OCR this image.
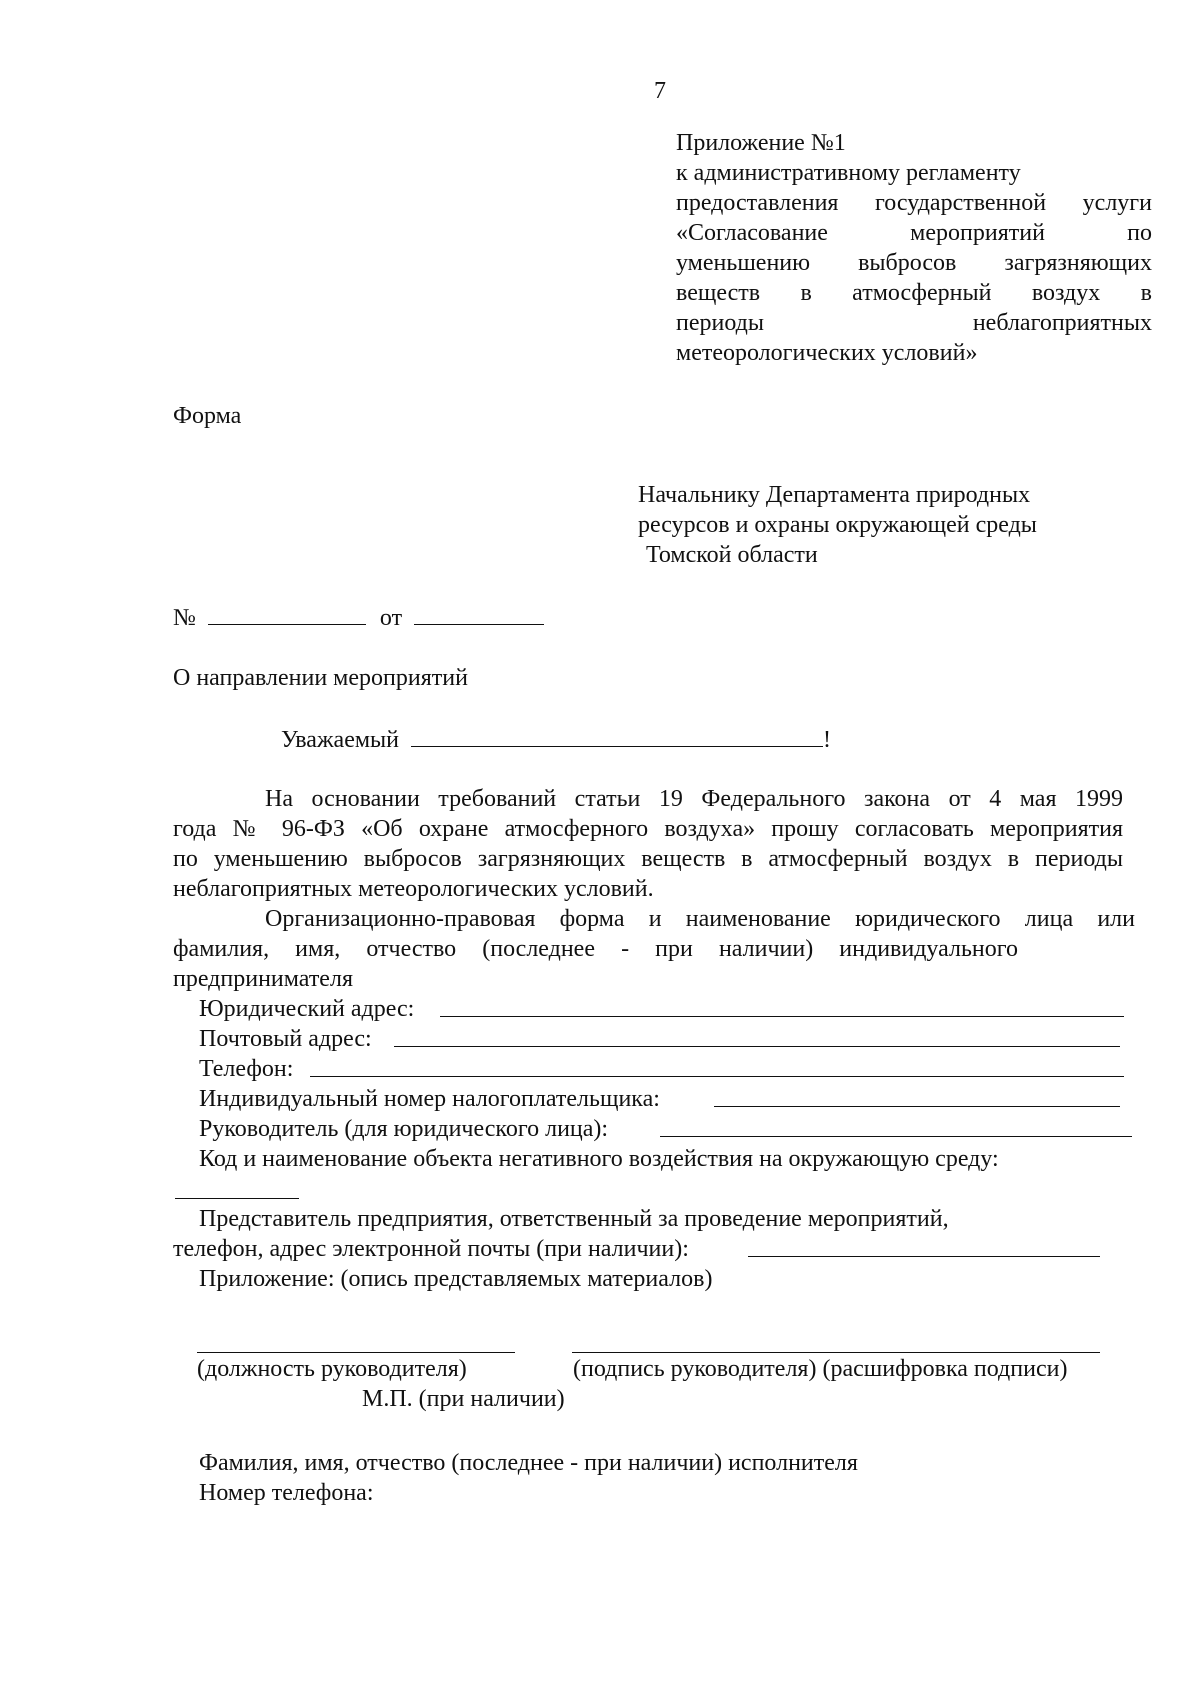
7
Приложение №1
к административному регламенту
предоставления государственной услуги
«Согласование мероприятий по
уменьшению выбросов загрязняющих
веществ в атмосферный воздух в
периоды неблагоприятных
метеорологических условий»
Форма
Начальнику Департамента природных
ресурсов и охраны окружающей среды
Томской области
№	от
О направлении мероприятий
Уважаемый	!
На основании требований статьи 19 Федерального закона от 4 мая 1999
года № 96-ФЗ «Об охране атмосферного воздуха» прошу согласовать мероприятия
по уменьшению выбросов загрязняющих веществ в атмосферный воздух в периоды
неблагоприятных метеорологических условий.
Организационно-правовая форма и наименование юридического лица или
фамилия, имя, отчество (последнее - при наличии) индивидуального
предпринимателя
Юридический адрес:
Почтовый адрес:
Телефон:
Индивидуальный номер налогоплательщика:
Руководитель (для юридического лица):
Код и наименование объекта негативного воздействия на окружающую среду:
Представитель предприятия, ответственный за проведение мероприятий,
телефон, адрес электронной почты (при наличии):
Приложение: (опись представляемых материалов)
(должность руководителя)	(подпись руководителя) (расшифровка подписи)
М.П. (при наличии)
Фамилия, имя, отчество (последнее - при наличии) исполнителя
Номер телефона:
